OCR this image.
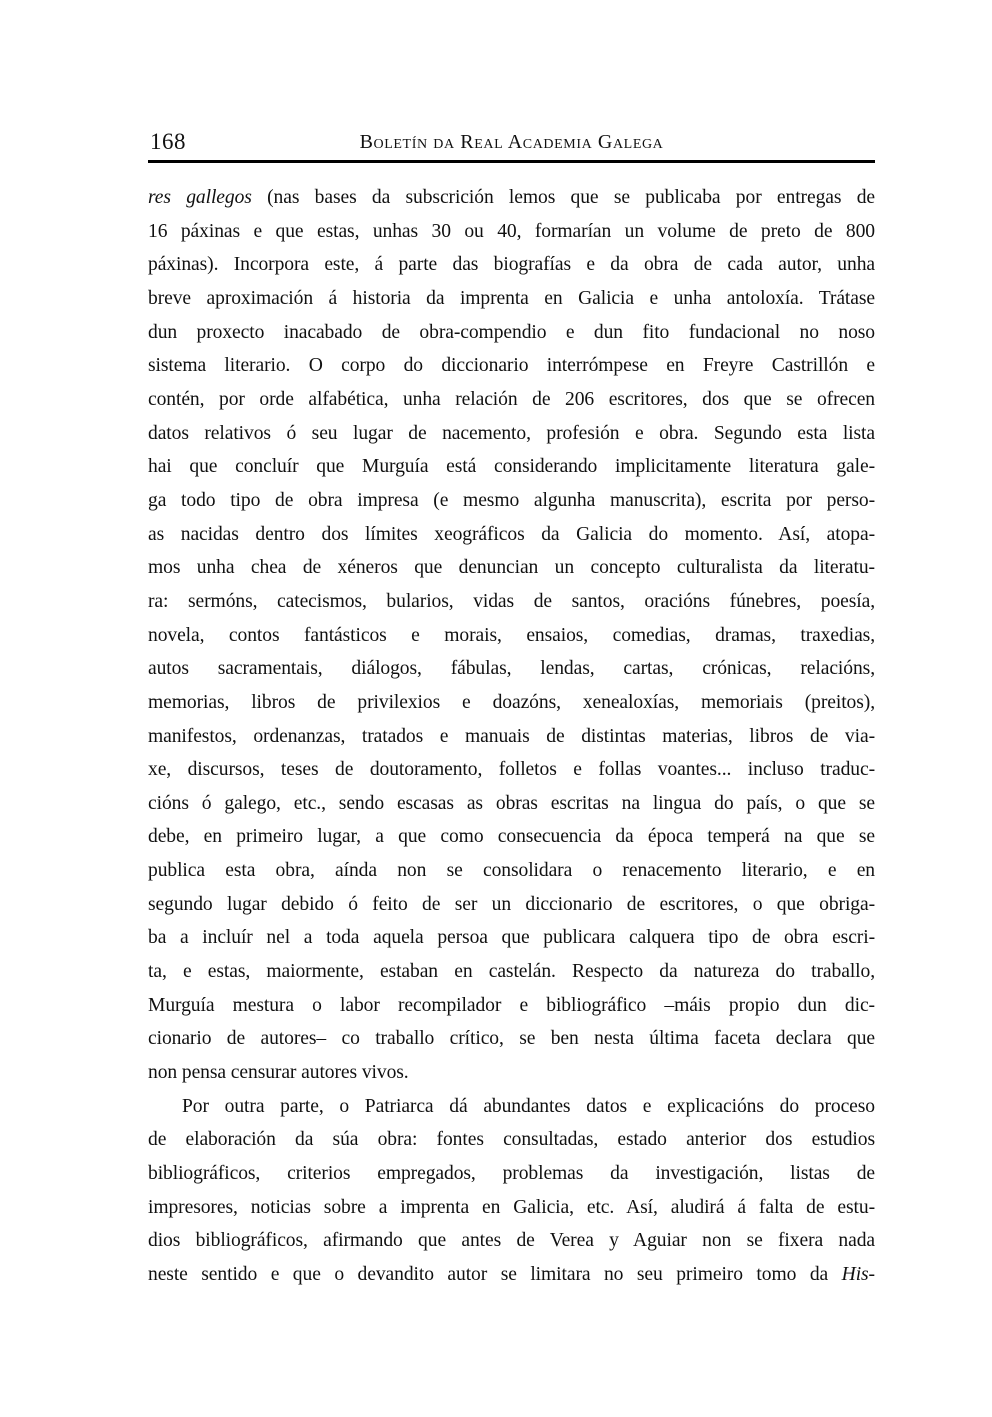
168	Boletín da Real Academia Galega
res gallegos (nas bases da subscrición lemos que se publicaba por entregas de
16 páxinas e que estas, unhas 30 ou 40, formarían un volume de preto de 800
páxinas). Incorpora este, á parte das biografías e da obra de cada autor, unha
breve aproximación á historia da imprenta en Galicia e unha antoloxía. Trátase
dun proxecto inacabado de obra-compendio e dun fito fundacional no noso
sistema literario. O corpo do diccionario interrómpese en Freyre Castrillón e
contén, por orde alfabética, unha relación de 206 escritores, dos que se ofrecen
datos relativos ó seu lugar de nacemento, profesión e obra. Segundo esta lista
hai que concluír que Murguía está considerando implicitamente literatura gale-
ga todo tipo de obra impresa (e mesmo algunha manuscrita), escrita por perso-
as nacidas dentro dos límites xeográficos da Galicia do momento. Así, atopa-
mos unha chea de xéneros que denuncian un concepto culturalista da literatu-
ra: sermóns, catecismos, bularios, vidas de santos, oracións fúnebres, poesía,
novela, contos fantásticos e morais, ensaios, comedias, dramas, traxedias,
autos sacramentais, diálogos, fábulas, lendas, cartas, crónicas, relacións,
memorias, libros de privilexios e doazóns, xenealoxías, memoriais (preitos),
manifestos, ordenanzas, tratados e manuais de distintas materias, libros de via-
xe, discursos, teses de doutoramento, folletos e follas voantes... incluso traduc-
cións ó galego, etc., sendo escasas as obras escritas na lingua do país, o que se
debe, en primeiro lugar, a que como consecuencia da época temperá na que se
publica esta obra, aínda non se consolidara o renacemento literario, e en
segundo lugar debido ó feito de ser un diccionario de escritores, o que obriga-
ba a incluír nel a toda aquela persoa que publicara calquera tipo de obra escri-
ta, e estas, maiormente, estaban en castelán. Respecto da natureza do traballo,
Murguía mestura o labor recompilador e bibliográfico –máis propio dun dic-
cionario de autores– co traballo crítico, se ben nesta última faceta declara que
non pensa censurar autores vivos.
Por outra parte, o Patriarca dá abundantes datos e explicacións do proceso
de elaboración da súa obra: fontes consultadas, estado anterior dos estudios
bibliográficos, criterios empregados, problemas da investigación, listas de
impresores, noticias sobre a imprenta en Galicia, etc. Así, aludirá á falta de estu-
dios bibliográficos, afirmando que antes de Verea y Aguiar non se fixera nada
neste sentido e que o devandito autor se limitara no seu primeiro tomo da His-
